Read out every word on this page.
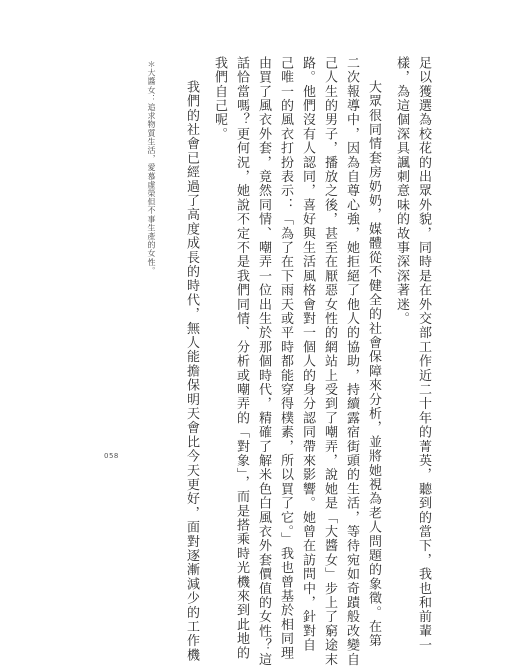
足以獲選為校花的出眾外貌，同時是在外交部工作近二十年的菁英，聽到的當下，我也和前輩一
樣，為這個深具諷刺意味的故事深深著迷。
大眾很同情套房奶奶，媒體從不健全的社會保障來分析，並將她視為老人問題的象徵。在第
二次報導中，因為自尊心強，她拒絕了他人的協助，持續露宿街頭的生活，等待宛如奇蹟般改變自
己人生的男子，播放之後，甚至在厭惡女性的網站上受到了嘲弄，說她是「大醬女」步上了窮途末
路。他們沒有人認同，喜好與生活風格會對一個人的身分認同帶來影響。她曾在訪問中，針對自
己唯一的風衣打扮表示：「為了在下雨天或平時都能穿得樸素，所以買了它。」我也曾基於相同理
由買了風衣外套，竟然同情、嘲弄一位出生於那個時代，精確了解米色白風衣外套價值的女性？這
話恰當嗎？更何況，她說不定不是我們同情、分析或嘲弄的「對象」，而是搭乘時光機來到此地的
我們自己呢。
我們的社會已經過了高度成長的時代，無人能擔保明天會比今天更好，面對逐漸減少的工作機
＊大醬女：追求物質生活，愛慕虛榮但不事生產的女性。
058
